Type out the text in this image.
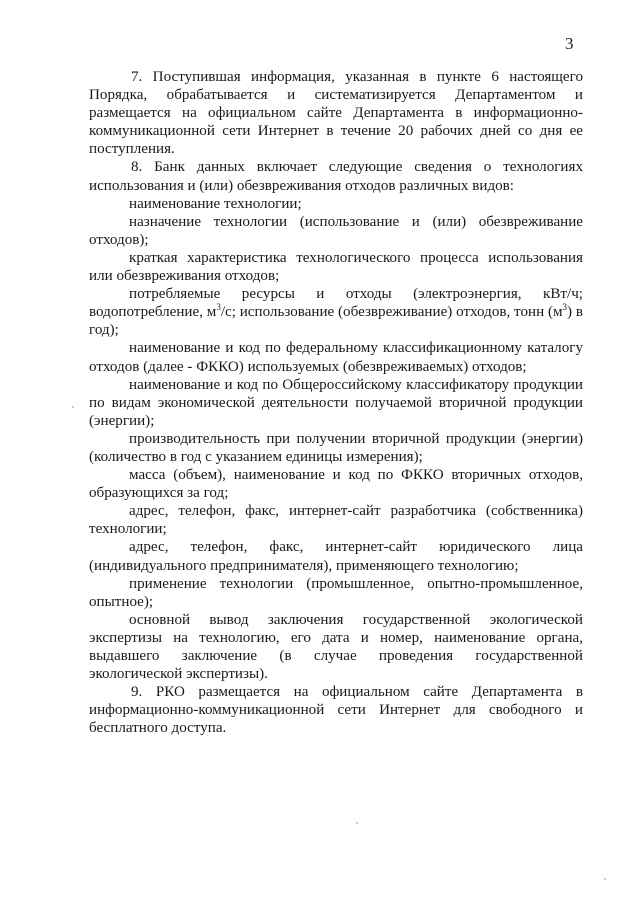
3

7. Поступившая информация, указанная в пункте 6 настоящего Порядка, обрабатывается и систематизируется Департаментом и размещается на официальном сайте Департамента в информационно-коммуникационной сети Интернет в течение 20 рабочих дней со дня ее поступления.

8. Банк данных включает следующие сведения о технологиях использования и (или) обезвреживания отходов различных видов:

наименование технологии;

назначение технологии (использование и (или) обезвреживание отходов);

краткая характеристика технологического процесса использования или обезвреживания отходов;

потребляемые ресурсы и отходы (электроэнергия, кВт/ч; водопотребление, $м^3/с$; использование (обезвреживание) отходов, тонн $(м^3)$ в год);

наименование и код по федеральному классификационному каталогу отходов (далее - ФККО) используемых (обезвреживаемых) отходов;

наименование и код по Общероссийскому классификатору продукции по видам экономической деятельности получаемой вторичной продукции (энергии);

производительность при получении вторичной продукции (энергии) (количество в год с указанием единицы измерения);

масса (объем), наименование и код по ФККО вторичных отходов, образующихся за год;

адрес, телефон, факс, интернет-сайт разработчика (собственника) технологии;

адрес, телефон, факс, интернет-сайт юридического лица (индивидуального предпринимателя), применяющего технологию;

применение технологии (промышленное, опытно-промышленное, опытное);

основной вывод заключения государственной экологической экспертизы на технологию, его дата и номер, наименование органа, выдавшего заключение (в случае проведения государственной экологической экспертизы).

9. РКО размещается на официальном сайте Департамента в информационно-коммуникационной сети Интернет для свободного и бесплатного доступа.
